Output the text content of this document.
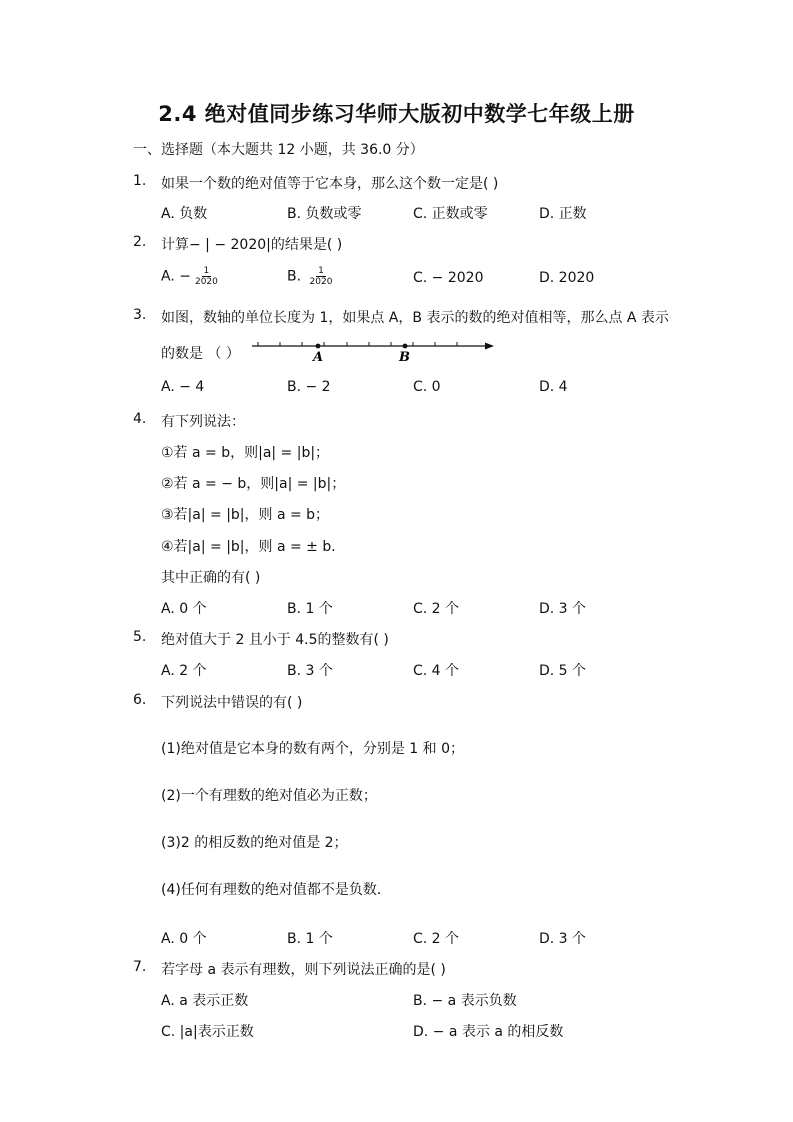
2.4 绝对值同步练习华师大版初中数学七年级上册
一、选择题（本大题共 12 小题，共 36.0 分）
1. 如果一个数的绝对值等于它本身，那么这个数一定是( )
A. 负数	B. 负数或零	C. 正数或零	D. 正数
2. 计算− | − 2020|的结果是( )
A. − $\frac{1}{2020}$	B. $\frac{1}{2020}$	C. − 2020	D. 2020
3. 如图，数轴的单位长度为 1，如果点 A，B 表示的数的绝对值相等，那么点 A 表示
的数是 （ ）	A	B
A. − 4	B. − 2	C. 0	D. 4
4. 有下列说法：
①若 a = b，则|a| = |b|；
②若 a = − b，则|a| = |b|；
③若|a| = |b|，则 a = b；
④若|a| = |b|，则 a = ± b．
其中正确的有( )
A. 0 个	B. 1 个	C. 2 个	D. 3 个
5. 绝对值大于 2 且小于 4.5的整数有( )
A. 2 个	B. 3 个	C. 4 个	D. 5 个
6. 下列说法中错误的有( )
(1)绝对值是它本身的数有两个，分别是 1 和 0；
(2)一个有理数的绝对值必为正数；
(3)2 的相反数的绝对值是 2；
(4)任何有理数的绝对值都不是负数．
A. 0 个	B. 1 个	C. 2 个	D. 3 个
7. 若字母 a 表示有理数，则下列说法正确的是( )
A. a 表示正数	B. − a 表示负数
C. |a|表示正数	D. − a 表示 a 的相反数
